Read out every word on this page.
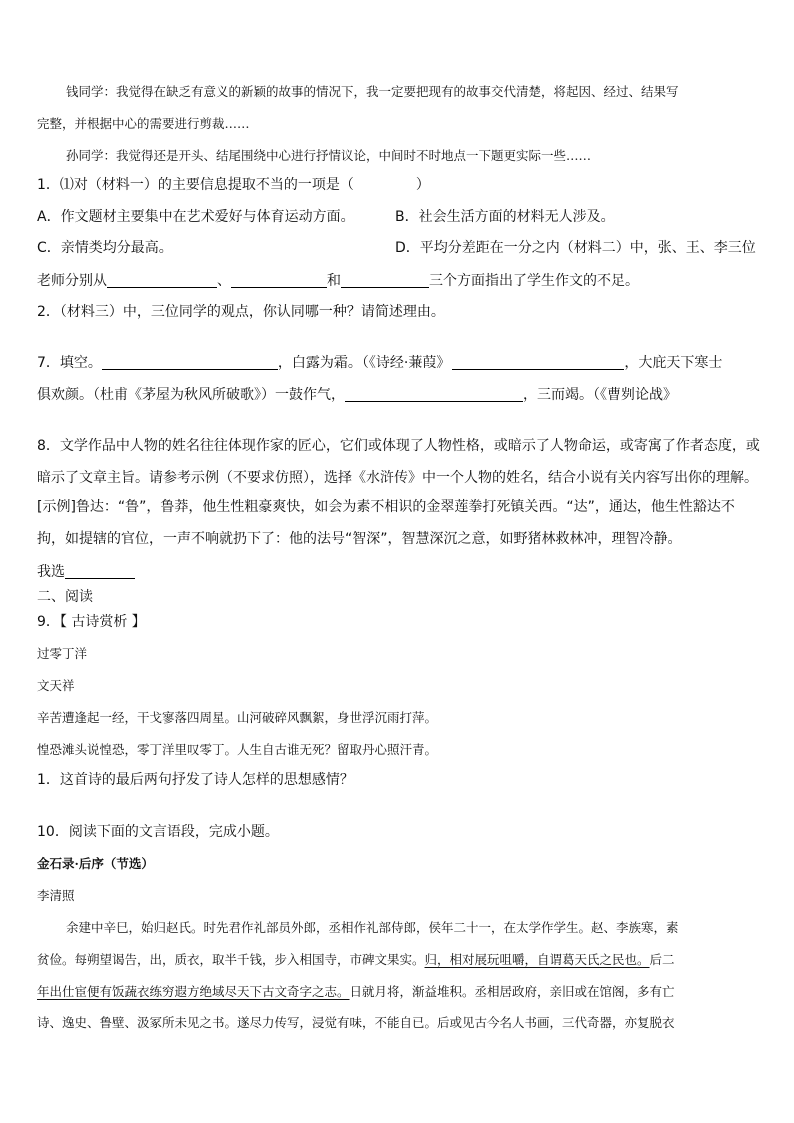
钱同学：我觉得在缺乏有意义的新颖的故事的情况下，我一定要把现有的故事交代清楚，将起因、经过、结果写
完整，并根据中心的需要进行剪裁……
孙同学：我觉得还是开头、结尾围绕中心进行抒情议论，中间时不时地点一下题更实际一些……
1．⑴对（材料一）的主要信息提取不当的一项是（	）
A．作文题材主要集中在艺术爱好与体育运动方面。	B．社会生活方面的材料无人涉及。
C．亲情类均分最高。	D．平均分差距在一分之内（材料二）中，张、王、李三位
老师分别从	、	和	三个方面指出了学生作文的不足。
2．（材料三）中，三位同学的观点，你认同哪一种？请简述理由。
7．填空。	，白露为霜。（《诗经·蒹葭》	，大庇天下寒士
俱欢颜。（杜甫《茅屋为秋风所破歌》）一鼓作气，	，三而竭。（《曹刿论战》
8．文学作品中人物的姓名往往体现作家的匠心，它们或体现了人物性格，或暗示了人物命运，或寄寓了作者态度，或
暗示了文章主旨。请参考示例（不要求仿照），选择《水浒传》中一个人物的姓名，结合小说有关内容写出你的理解。
[示例]鲁达：“鲁”，鲁莽，他生性粗豪爽快，如会为素不相识的金翠莲拳打死镇关西。“达”，通达，他生性豁达不
拘，如提辖的官位，一声不响就扔下了：他的法号“智深”，智慧深沉之意，如野猪林救林冲，理智冷静。
我选
二、阅读
9．【 古诗赏析 】
过零丁洋
文天祥
辛苦遭逢起一经，干戈寥落四周星。山河破碎风飘絮，身世浮沉雨打萍。
惶恐滩头说惶恐，零丁洋里叹零丁。人生自古谁无死？留取丹心照汗青。
1．这首诗的最后两句抒发了诗人怎样的思想感情？
10．阅读下面的文言语段，完成小题。
金石录·后序（节选）
李清照
余建中辛巳，始归赵氏。时先君作礼部员外郎，丞相作礼部侍郎，侯年二十一，在太学作学生。赵、李族寒，素
贫俭。每朔望谒告，出，质衣，取半千钱，步入相国寺，市碑文果实。归，相对展玩咀嚼，自谓葛天氏之民也。后二
年出仕宦便有饭蔬衣练穷遐方绝域尽天下古文奇字之志。日就月将，渐益堆积。丞相居政府，亲旧或在馆阁，多有亡
诗、逸史、鲁壁、汲冢所未见之书。遂尽力传写，浸觉有味，不能自已。后或见古今名人书画，三代奇器，亦复脱衣
